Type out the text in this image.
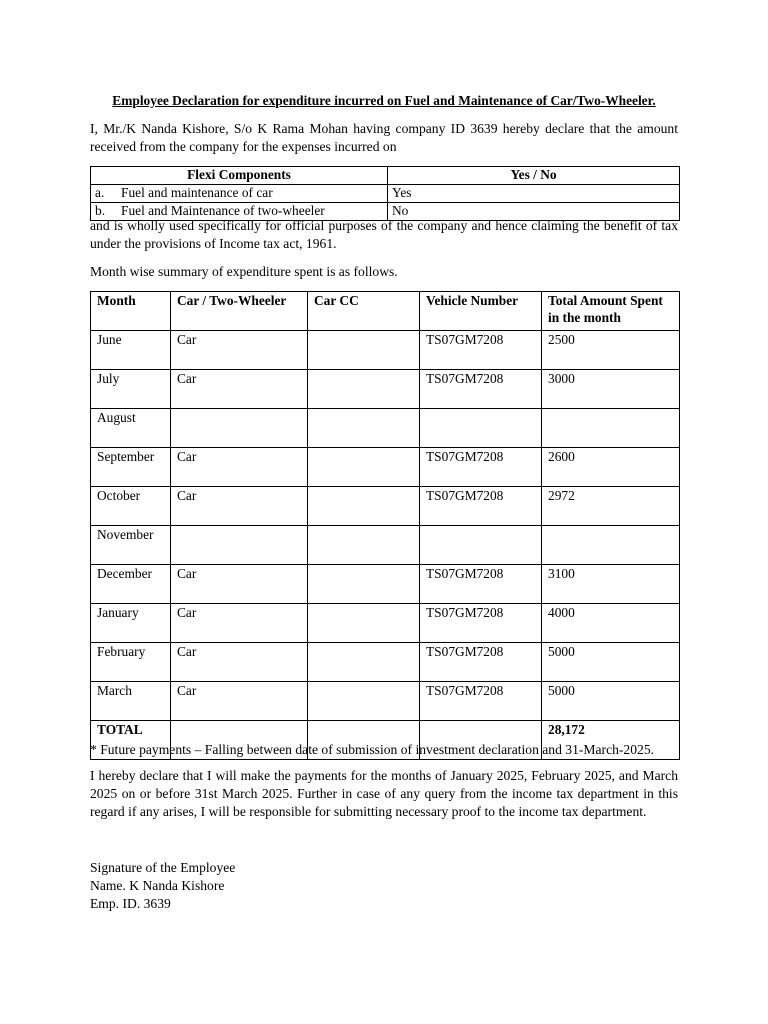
Employee Declaration for expenditure incurred on Fuel and Maintenance of Car/Two-Wheeler.
I, Mr./K Nanda Kishore, S/o K Rama Mohan having company ID 3639 hereby declare that the amount received from the company for the expenses incurred on
Flexi Components	Yes / No
a. Fuel and maintenance of car	Yes
b. Fuel and Maintenance of two-wheeler	No
and is wholly used specifically for official purposes of the company and hence claiming the benefit of tax under the provisions of Income tax act, 1961.
Month wise summary of expenditure spent is as follows.
Month	Car / Two-Wheeler	Car CC	Vehicle Number	Total Amount Spent in the month
June	Car		TS07GM7208	2500
July	Car		TS07GM7208	3000
August				
September	Car		TS07GM7208	2600
October	Car		TS07GM7208	2972
November				
December	Car		TS07GM7208	3100
January	Car		TS07GM7208	4000
February	Car		TS07GM7208	5000
March	Car		TS07GM7208	5000
TOTAL				28,172
* Future payments – Falling between date of submission of investment declaration and 31-March-2025.
I hereby declare that I will make the payments for the months of January 2025, February 2025, and March 2025 on or before 31st March 2025. Further in case of any query from the income tax department in this regard if any arises, I will be responsible for submitting necessary proof to the income tax department.
Signature of the Employee
Name. K Nanda Kishore
Emp. ID. 3639
